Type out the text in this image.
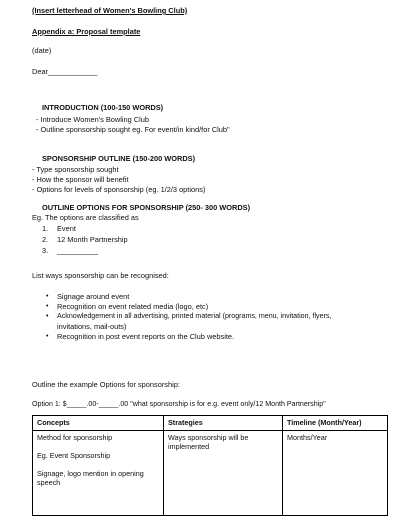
(Insert letterhead of Women's Bowling Club)
Appendix a: Proposal template
(date)
Dear____________
INTRODUCTION (100-150 WORDS)
- Introduce Women's Bowling Club
- Outline sponsorship sought eg. For event/in kind/for Club"
SPONSORSHIP OUTLINE (150-200 WORDS)
- Type sponsorship sought
- How the sponsor will benefit
- Options for levels of sponsorship (eg. 1/2/3 options)
OUTLINE OPTIONS FOR SPONSORSHIP (250- 300 WORDS)
Eg. The options are classified as
1. Event
2. 12 Month Partnership
3. __________
List ways sponsorship can be recognised:
• Signage around event
• Recognition on event related media (logo, etc)
• Acknowledgement in all advertising, printed material (programs, menu, invitation, flyers,
invitations, mail-outs)
• Recognition in post event reports on the Club website.
Outline the example Options for sponsorship:
Option 1: $_____.00-_____.00 "what sponsorship is for e.g. event only/12 Month Partnership"
Concepts	Strategies	Timeline (Month/Year)

Method for sponsorship
Eg. Event Sponsorship
Signage, logo mention in opening
speech	Ways sponsorship will be
implemented	Months/Year
